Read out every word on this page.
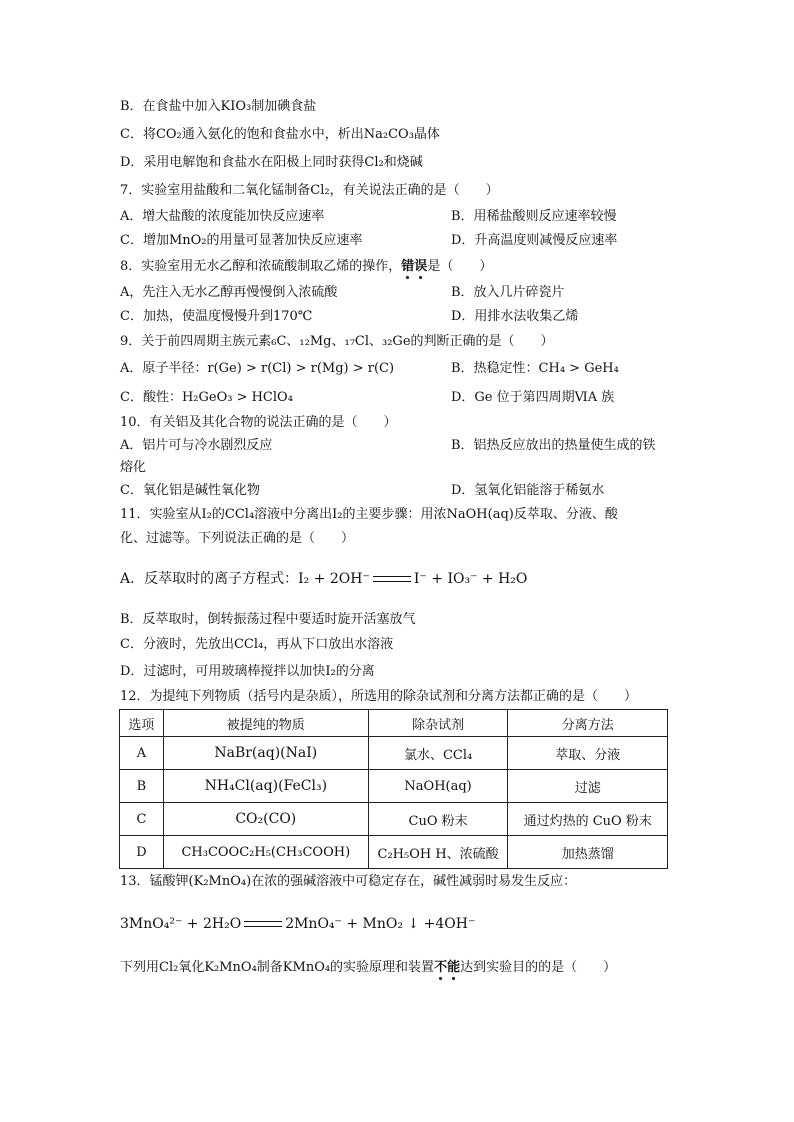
B．在食盐中加入KIO₃制加碘食盐
C．将CO₂通入氨化的饱和食盐水中，析出Na₂CO₃晶体
D．采用电解饱和食盐水在阳极上同时获得Cl₂和烧碱
7．实验室用盐酸和二氧化锰制备Cl₂，有关说法正确的是（　　）
A．增大盐酸的浓度能加快反应速率	B．用稀盐酸则反应速率较慢
C．增加MnO₂的用量可显著加快反应速率	D．升高温度则减慢反应速率
8．实验室用无水乙醇和浓硫酸制取乙烯的操作，错误是（　　）
A，先注入无水乙醇再慢慢倒入浓硫酸	B．放入几片碎瓷片
C．加热，使温度慢慢升到170℃	D．用排水法收集乙烯
9．关于前四周期主族元素₆C、₁₂Mg、₁₇Cl、₃₂Ge的判断正确的是（　　）
A．原子半径：r(Ge) > r(Cl) > r(Mg) > r(C)	B．热稳定性：CH₄ > GeH₄
C．酸性：H₂GeO₃ > HClO₄	D．Ge 位于第四周期ⅥA 族
10．有关铝及其化合物的说法正确的是（　　）
A．铝片可与冷水剧烈反应	B．铝热反应放出的热量使生成的铁
熔化
C．氧化铝是碱性氧化物	D．氢氧化铝能溶于稀氨水
11．实验室从I₂的CCl₄溶液中分离出I₂的主要步骤：用浓NaOH(aq)反萃取、分液、酸
化、过滤等。下列说法正确的是（　　）
A．反萃取时的离子方程式：I₂ + 2OH⁻	I⁻ + IO₃⁻ + H₂O
B．反萃取时，倒转振荡过程中要适时旋开活塞放气
C．分液时，先放出CCl₄，再从下口放出水溶液
D．过滤时，可用玻璃棒搅拌以加快I₂的分离
12．为提纯下列物质（括号内是杂质），所选用的除杂试剂和分离方法都正确的是（　　）
选项	被提纯的物质	除杂试剂	分离方法
A	NaBr(aq)(NaI)	氯水、CCl₄	萃取、分液
B	NH₄Cl(aq)(FeCl₃)	NaOH(aq)	过滤
C	CO₂(CO)	CuO 粉末	通过灼热的 CuO 粉末
D	CH₃COOC₂H₅(CH₃COOH)	C₂H₅OH H、浓硫酸	加热蒸馏
13．锰酸钾(K₂MnO₄)在浓的强碱溶液中可稳定存在，碱性减弱时易发生反应：
3MnO₄²⁻ + 2H₂O	2MnO₄⁻ + MnO₂ ↓ +4OH⁻
下列用Cl₂氧化K₂MnO₄制备KMnO₄的实验原理和装置不能达到实验目的的是（　　）
